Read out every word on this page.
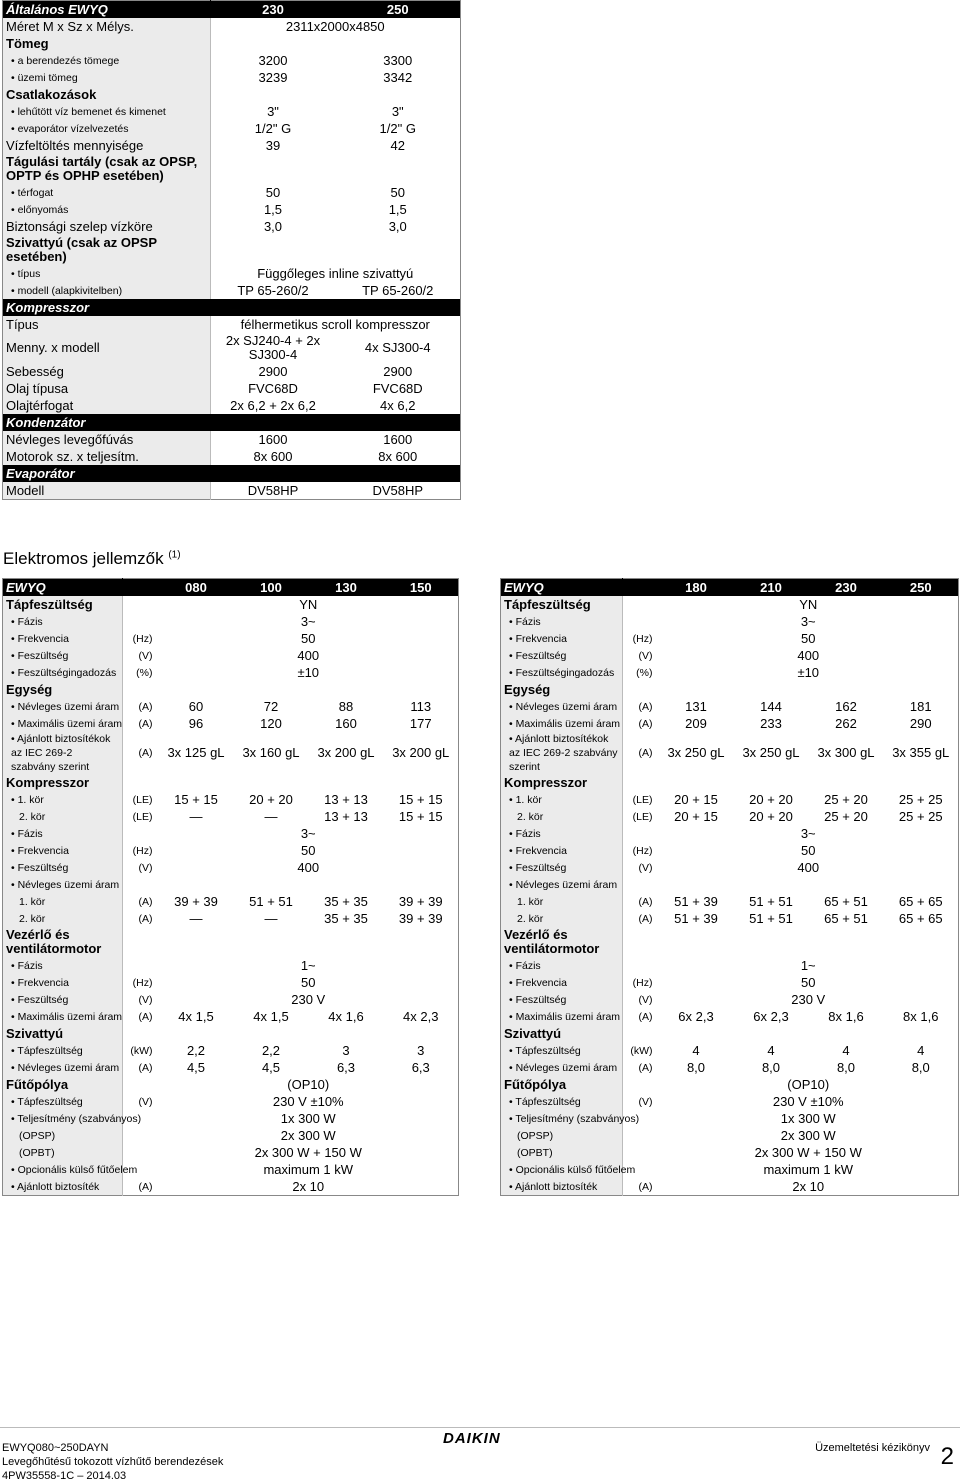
Általános EWYQ		230	250
Méret M x Sz x Mélys.		2311x2000x4850	
Tömeg			
• a berendezés tömege		3200	3300
• üzemi tömeg		3239	3342
Csatlakozások			
• lehűtött víz bemenet és kimenet		3"	3"
• evaporátor vízelvezetés		1/2" G	1/2" G
Vízfeltöltés mennyisége		39	42
Tágulási tartály (csak az OPSP, OPTP és OPHP esetében)			
• térfogat		50	50
• előnyomás		1,5	1,5
Biztonsági szelep vízköre		3,0	3,0
Szivattyú (csak az OPSP esetében)			
• típus		Függőleges inline szivattyú	
• modell (alapkivitelben)		TP 65-260/2	TP 65-260/2
Kompresszor		
Típus		félhermetikus scroll kompresszor	
Menny. x modell		2x SJ240-4 + 2x SJ300-4	4x SJ300-4
Sebesség		2900	2900
Olaj típusa		FVC68D	FVC68D
Olajtérfogat		2x 6,2 + 2x 6,2	4x 6,2
Kondenzátor		
Névleges levegőfúvás		1600	1600
Motorok sz. x teljesítm.		8x 600	8x 600
Evaporátor		
Modell		DV58HP	DV58HP
Elektromos jellemzők $^{(1)}$
EWYQ		080	100	130	150
Tápfeszültség		YN			
• Fázis		3~			
• Frekvencia	(Hz)	50			
• Feszültség	(V)	400			
• Feszültségingadozás	(%)	±10			
Egység					
• Névleges üzemi áram	(A)	60	72	88	113
• Maximális üzemi áram	(A)	96	120	160	177
• Ajánlott biztosítékok az IEC 269-2 szabvány szerint	(A)	3x 125 gL	3x 160 gL	3x 200 gL	3x 200 gL
Kompresszor					
• 1. kör	(LE)	15 + 15	20 + 20	13 + 13	15 + 15
2. kör	(LE)	—	—	13 + 13	15 + 15
• Fázis		3~			
• Frekvencia	(Hz)	50			
• Feszültség	(V)	400			
• Névleges üzemi áram					
1. kör	(A)	39 + 39	51 + 51	35 + 35	39 + 39
2. kör	(A)	—	—	35 + 35	39 + 39
Vezérlő és ventilátormotor					
• Fázis		1~			
• Frekvencia	(Hz)	50			
• Feszültség	(V)	230 V			
• Maximális üzemi áram	(A)	4x 1,5	4x 1,5	4x 1,6	4x 2,3
Szivattyú					
• Tápfeszültség	(kW)	2,2	2,2	3	3
• Névleges üzemi áram	(A)	4,5	4,5	6,3	6,3
Fűtőpólya		(OP10)			
• Tápfeszültség	(V)	230 V ±10%			
• Teljesítmény (szabványos)		1x 300 W			
(OPSP)		2x 300 W			
(OPBT)		2x 300 W + 150 W			
• Opcionális külső fűtőelem		maximum 1 kW			
• Ajánlott biztosíték	(A)	2x 10			
EWYQ		180	210	230	250
Tápfeszültség		YN			
• Fázis		3~			
• Frekvencia	(Hz)	50			
• Feszültség	(V)	400			
• Feszültségingadozás	(%)	±10			
Egység					
• Névleges üzemi áram	(A)	131	144	162	181
• Maximális üzemi áram	(A)	209	233	262	290
• Ajánlott biztosítékok az IEC 269-2 szabvány szerint	(A)	3x 250 gL	3x 250 gL	3x 300 gL	3x 355 gL
Kompresszor					
• 1. kör	(LE)	20 + 15	20 + 20	25 + 20	25 + 25
2. kör	(LE)	20 + 15	20 + 20	25 + 20	25 + 25
• Fázis		3~			
• Frekvencia	(Hz)	50			
• Feszültség	(V)	400			
• Névleges üzemi áram					
1. kör	(A)	51 + 39	51 + 51	65 + 51	65 + 65
2. kör	(A)	51 + 39	51 + 51	65 + 51	65 + 65
Vezérlő és ventilátormotor					
• Fázis		1~			
• Frekvencia	(Hz)	50			
• Feszültség	(V)	230 V			
• Maximális üzemi áram	(A)	6x 2,3	6x 2,3	8x 1,6	8x 1,6
Szivattyú					
• Tápfeszültség	(kW)	4	4	4	4
• Névleges üzemi áram	(A)	8,0	8,0	8,0	8,0
Fűtőpólya		(OP10)			
• Tápfeszültség	(V)	230 V ±10%			
• Teljesítmény (szabványos)		1x 300 W			
(OPSP)		2x 300 W			
(OPBT)		2x 300 W + 150 W			
• Opcionális külső fűtőelem		maximum 1 kW			
• Ajánlott biztosíték	(A)	2x 10			
EWYQ080~250DAYN
Levegőhűtésű tokozott vízhűtő berendezések
4PW35558-1C – 2014.03
DAIKIN
Üzemeltetési kézikönyv 2
